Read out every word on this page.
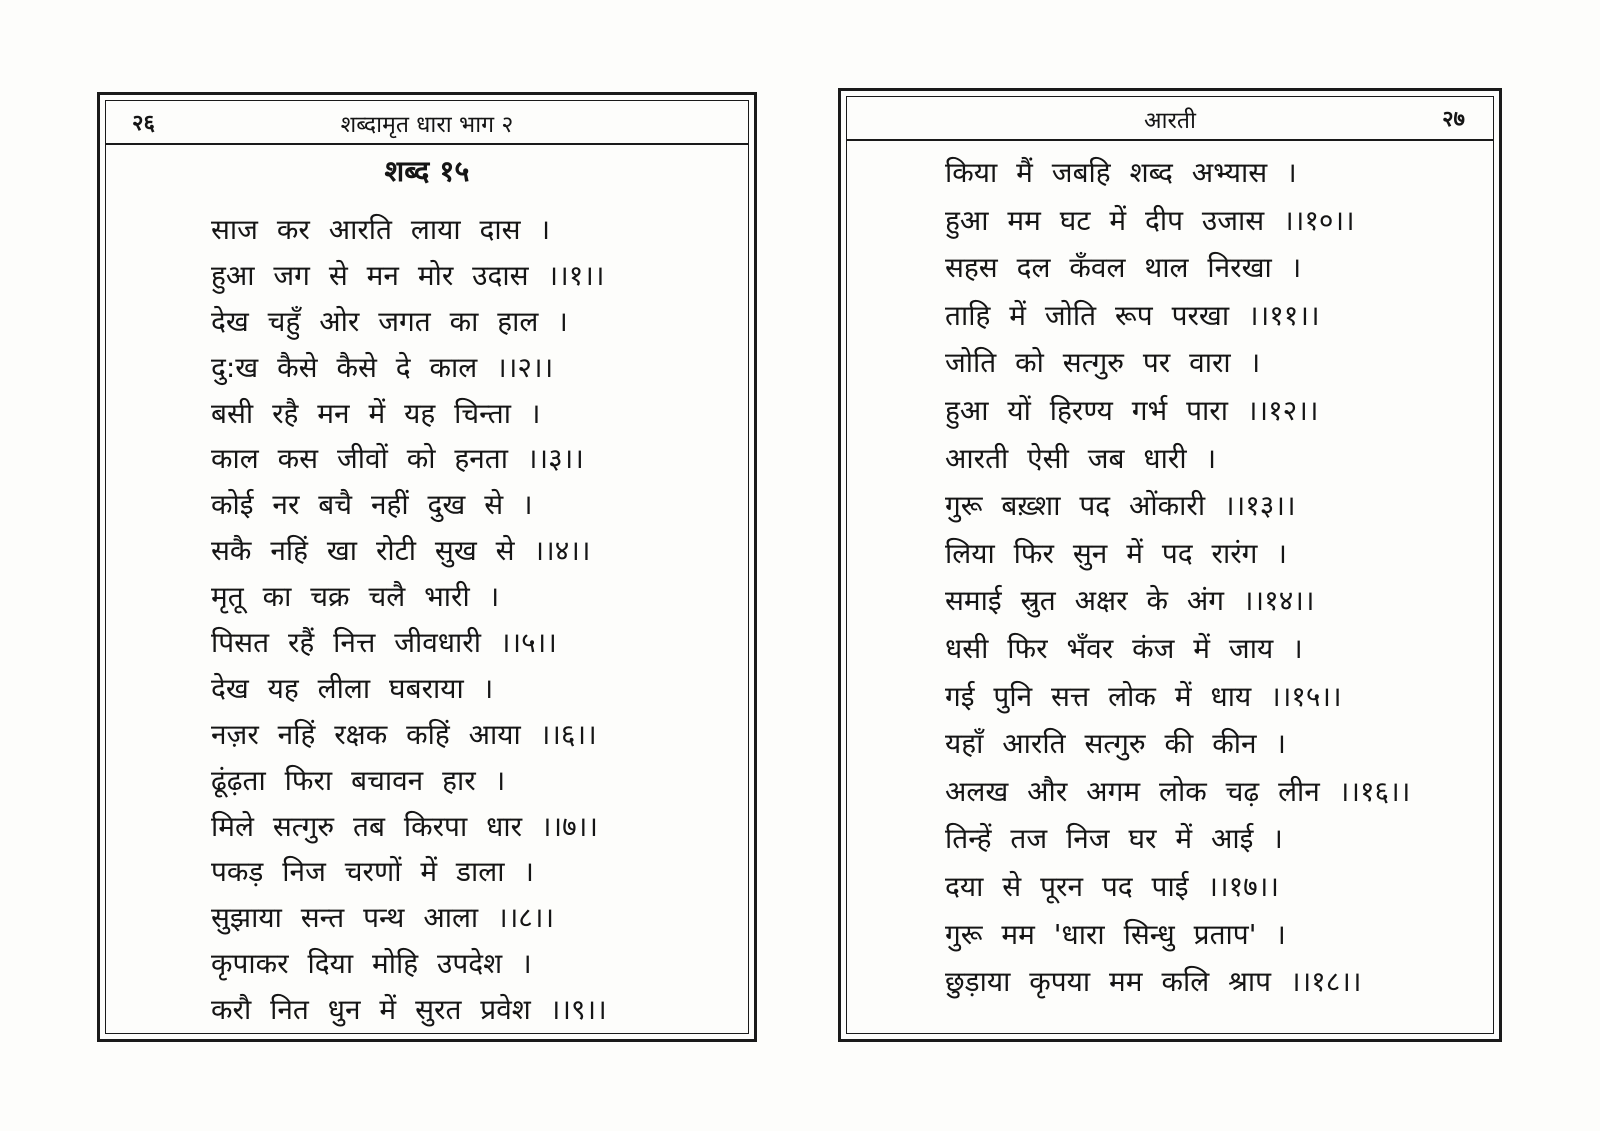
२६	शब्दामृत धारा भाग २
शब्द १५
साज कर आरति लाया दास ।
हुआ जग से मन मोर उदास ।।१।।
देख चहुँ ओर जगत का हाल ।
दु:ख कैसे कैसे दे काल ।।२।।
बसी रहै मन में यह चिन्ता ।
काल कस जीवों को हनता ।।३।।
कोई नर बचै नहीं दुख से ।
सकै नहिं खा रोटी सुख से ।।४।।
मृतू का चक्र चलै भारी ।
पिसत रहैं नित्त जीवधारी ।।५।।
देख यह लीला घबराया ।
नज़र नहिं रक्षक कहिं आया ।।६।।
ढूंढ़ता फिरा बचावन हार ।
मिले सत्गुरु तब किरपा धार ।।७।।
पकड़ निज चरणों में डाला ।
सुझाया सन्त पन्थ आला ।।८।।
कृपाकर दिया मोहि उपदेश ।
करौ नित धुन में सुरत प्रवेश ।।९।।
आरती	२७
किया मैं जबहि शब्द अभ्यास ।
हुआ मम घट में दीप उजास ।।१०।।
सहस दल कँवल थाल निरखा ।
ताहि में जोति रूप परखा ।।११।।
जोति को सत्गुरु पर वारा ।
हुआ यों हिरण्य गर्भ पारा ।।१२।।
आरती ऐसी जब धारी ।
गुरू बख़्शा पद ओंकारी ।।१३।।
लिया फिर सुन में पद रारंग ।
समाई स्रुत अक्षर के अंग ।।१४।।
धसी फिर भँवर कंज में जाय ।
गई पुनि सत्त लोक में धाय ।।१५।।
यहाँ आरति सत्गुरु की कीन ।
अलख और अगम लोक चढ़ लीन ।।१६।।
तिन्हें तज निज घर में आई ।
दया से पूरन पद पाई ।।१७।।
गुरू मम 'धारा सिन्धु प्रताप' ।
छुड़ाया कृपया मम कलि श्राप ।।१८।।
